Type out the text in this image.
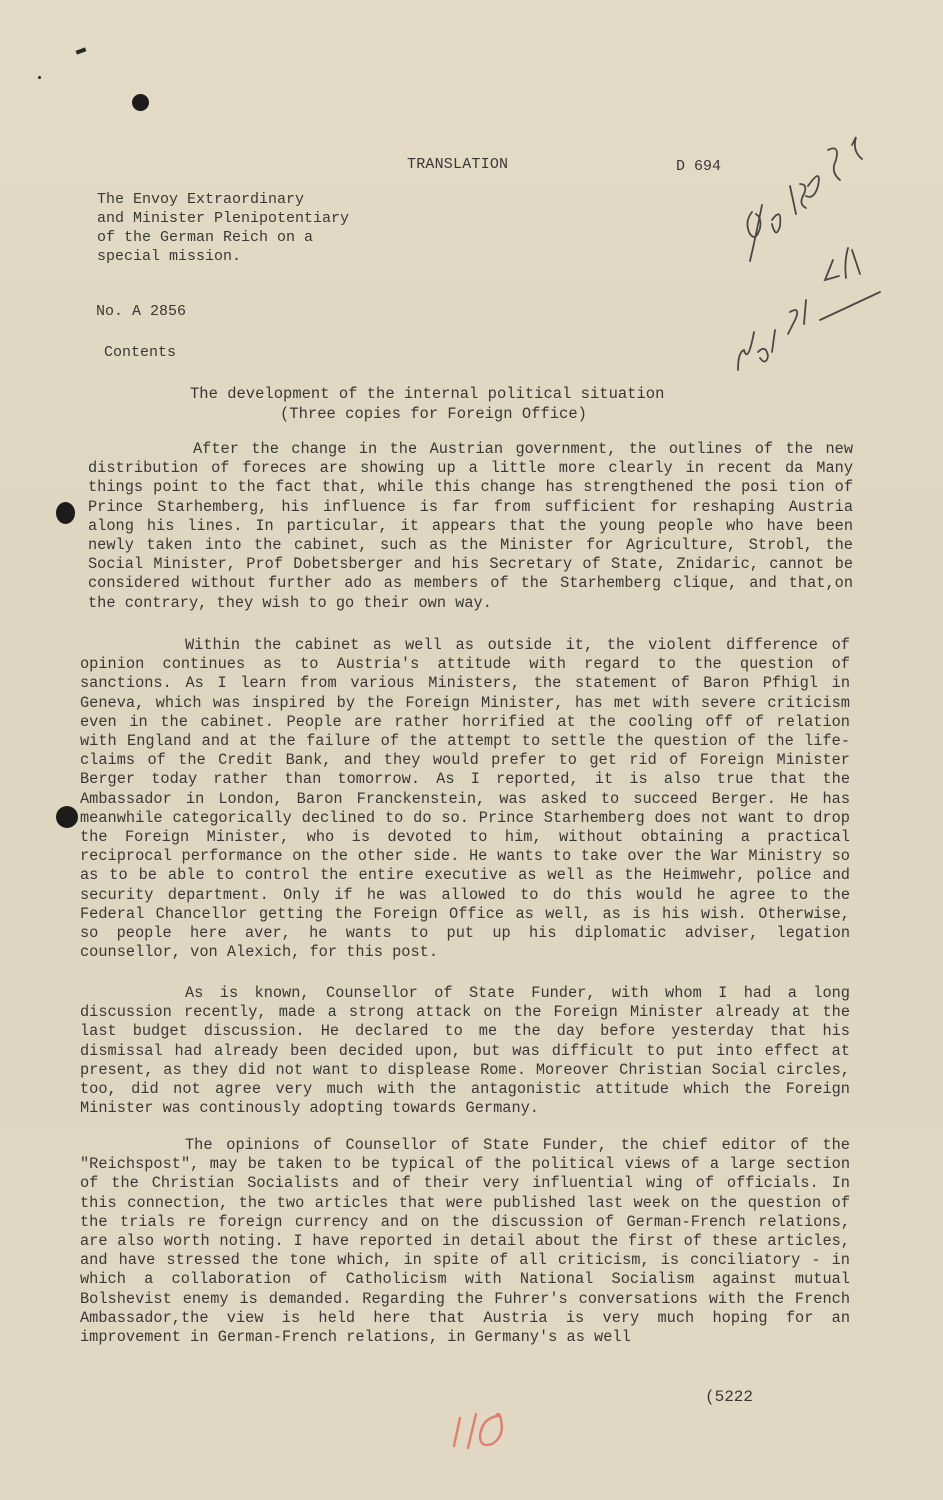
TRANSLATION	D 694
The Envoy Extraordinary
and Minister Plenipotentiary
of the German Reich on a
special mission.
No. A 2856
Contents
The development of the internal political situation
(Three copies for Foreign Office)
After the change in the Austrian government, the outlines of the new distribution of foreces are showing up a little more clearly in recent da Many things point to the fact that, while this change has strengthened the posi tion of Prince Starhemberg, his influence is far from sufficient for reshaping Austria along his lines. In particular, it appears that the young people who have been newly taken into the cabinet, such as the Minister for Agriculture, Strobl, the Social Minister, Prof Dobetsberger and his Secretary of State, Znidaric, cannot be considered without further ado as members of the Starhemberg clique, and that,on the contrary, they wish to go their own way.
Within the cabinet as well as outside it, the violent difference of opinion continues as to Austria's attitude with regard to the question of sanctions. As I learn from various Ministers, the statement of Baron Pfhigl in Geneva, which was inspired by the Foreign Minister, has met with severe criticism even in the cabinet. People are rather horrified at the cooling off of relation with England and at the failure of the attempt to settle the question of the life-claims of the Credit Bank, and they would prefer to get rid of Foreign Minister Berger today rather than tomorrow. As I reported, it is also true that the Ambassador in London, Baron Franckenstein, was asked to succeed Berger. He has meanwhile categorically declined to do so. Prince Starhemberg does not want to drop the Foreign Minister, who is devoted to him, without obtaining a practical reciprocal performance on the other side. He wants to take over the War Ministry so as to be able to control the entire executive as well as the Heimwehr, police and security department. Only if he was allowed to do this would he agree to the Federal Chancellor getting the Foreign Office as well, as is his wish. Otherwise, so people here aver, he wants to put up his diplomatic adviser, legation counsellor, von Alexich, for this post.
As is known, Counsellor of State Funder, with whom I had a long discussion recently, made a strong attack on the Foreign Minister already at the last budget discussion. He declared to me the day before yesterday that his dismissal had already been decided upon, but was difficult to put into effect at present, as they did not want to displease Rome. Moreover Christian Social circles, too, did not agree very much with the antagonistic attitude which the Foreign Minister was continously adopting towards Germany.
The opinions of Counsellor of State Funder, the chief editor of the "Reichspost", may be taken to be typical of the political views of a large section of the Christian Socialists and of their very influential wing of officials. In this connection, the two articles that were published last week on the question of the trials re foreign currency and on the discussion of German-French relations, are also worth noting. I have reported in detail about the first of these articles, and have stressed the tone which, in spite of all criticism, is conciliatory - in which a collaboration of Catholicism with National Socialism against mutual Bolshevist enemy is demanded. Regarding the Fuhrer's conversations with the French Ambassador,the view is held here that Austria is very much hoping for an improvement in German-French relations, in Germany's as well
(5222
